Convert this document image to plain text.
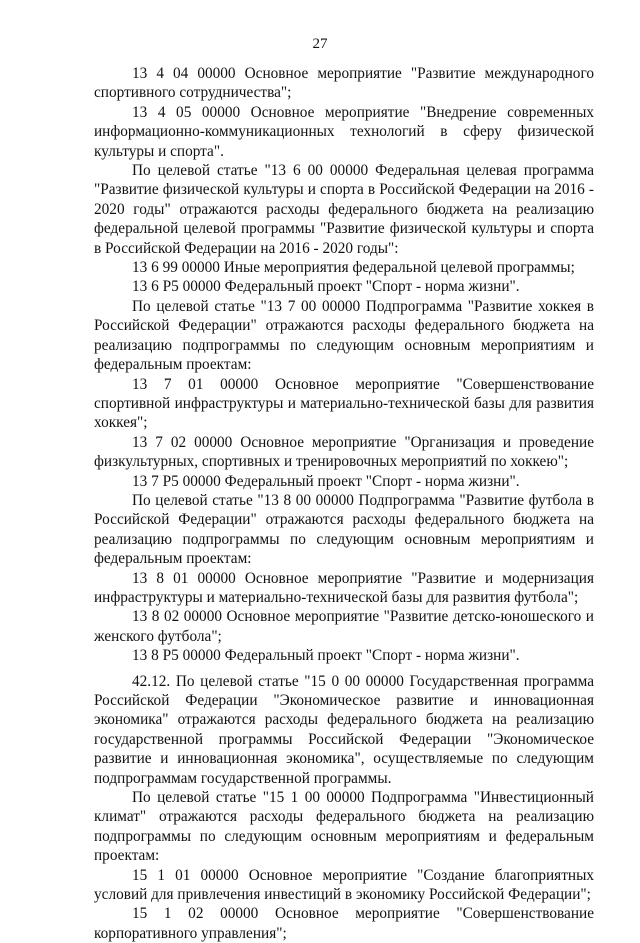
27

13 4 04 00000 Основное мероприятие "Развитие международного спортивного сотрудничества";

13 4 05 00000 Основное мероприятие "Внедрение современных информационно-коммуникационных технологий в сферу физической культуры и спорта".

По целевой статье "13 6 00 00000 Федеральная целевая программа "Развитие физической культуры и спорта в Российской Федерации на 2016 - 2020 годы" отражаются расходы федерального бюджета на реализацию федеральной целевой программы "Развитие физической культуры и спорта в Российской Федерации на 2016 - 2020 годы":

13 6 99 00000 Иные мероприятия федеральной целевой программы;

13 6 P5 00000 Федеральный проект "Спорт - норма жизни".

По целевой статье "13 7 00 00000 Подпрограмма "Развитие хоккея в Российской Федерации" отражаются расходы федерального бюджета на реализацию подпрограммы по следующим основным мероприятиям и федеральным проектам:

13 7 01 00000 Основное мероприятие "Совершенствование спортивной инфраструктуры и материально-технической базы для развития хоккея";

13 7 02 00000 Основное мероприятие "Организация и проведение физкультурных, спортивных и тренировочных мероприятий по хоккею";

13 7 P5 00000 Федеральный проект "Спорт - норма жизни".

По целевой статье "13 8 00 00000 Подпрограмма "Развитие футбола в Российской Федерации" отражаются расходы федерального бюджета на реализацию подпрограммы по следующим основным мероприятиям и федеральным проектам:

13 8 01 00000 Основное мероприятие "Развитие и модернизация инфраструктуры и материально-технической базы для развития футбола";

13 8 02 00000 Основное мероприятие "Развитие детско-юношеского и женского футбола";

13 8 P5 00000 Федеральный проект "Спорт - норма жизни".

42.12. По целевой статье "15 0 00 00000 Государственная программа Российской Федерации "Экономическое развитие и инновационная экономика" отражаются расходы федерального бюджета на реализацию государственной программы Российской Федерации "Экономическое развитие и инновационная экономика", осуществляемые по следующим подпрограммам государственной программы.

По целевой статье "15 1 00 00000 Подпрограмма "Инвестиционный климат" отражаются расходы федерального бюджета на реализацию подпрограммы по следующим основным мероприятиям и федеральным проектам:

15 1 01 00000 Основное мероприятие "Создание благоприятных условий для привлечения инвестиций в экономику Российской Федерации";

15 1 02 00000 Основное мероприятие "Совершенствование корпоративного управления";
